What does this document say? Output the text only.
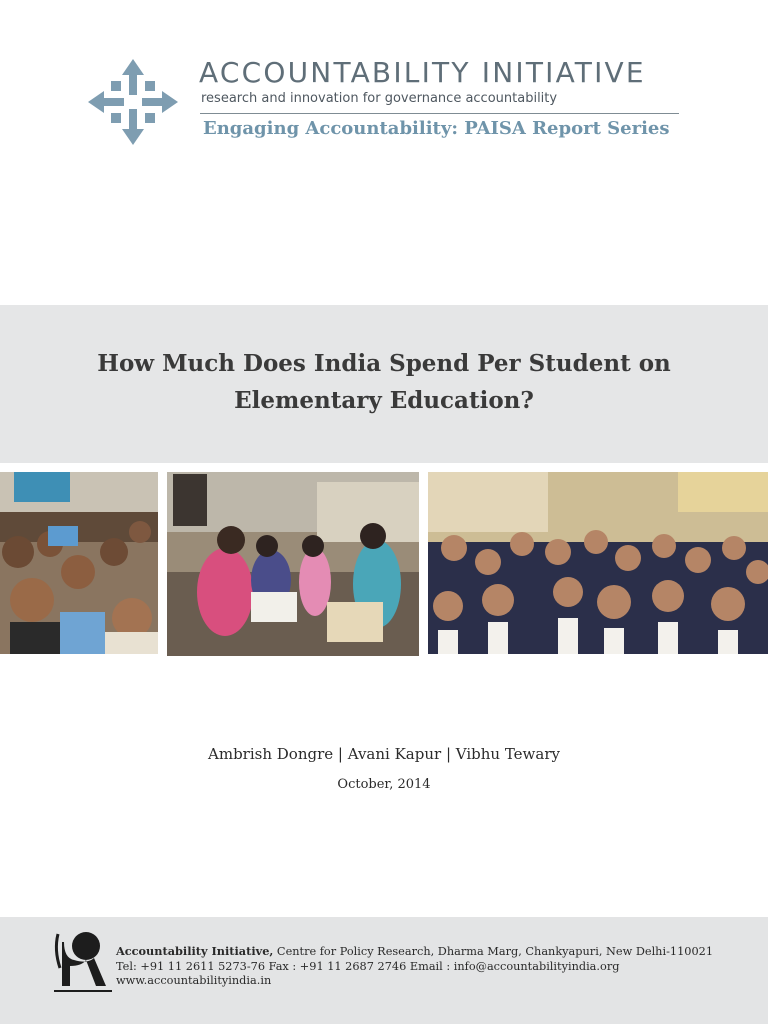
ACCOUNTABILITY INITIATIVE
research and innovation for governance accountability
Engaging Accountability: PAISA Report Series
How Much Does India Spend Per Student on
Elementary Education?
Ambrish Dongre | Avani Kapur | Vibhu Tewary
October, 2014
Accountability Initiative, Centre for Policy Research, Dharma Marg, Chankyapuri, New Delhi-110021
Tel: +91 11 2611 5273-76 Fax : +91 11 2687 2746 Email : info@accountabilityindia.org
www.accountabilityindia.in
